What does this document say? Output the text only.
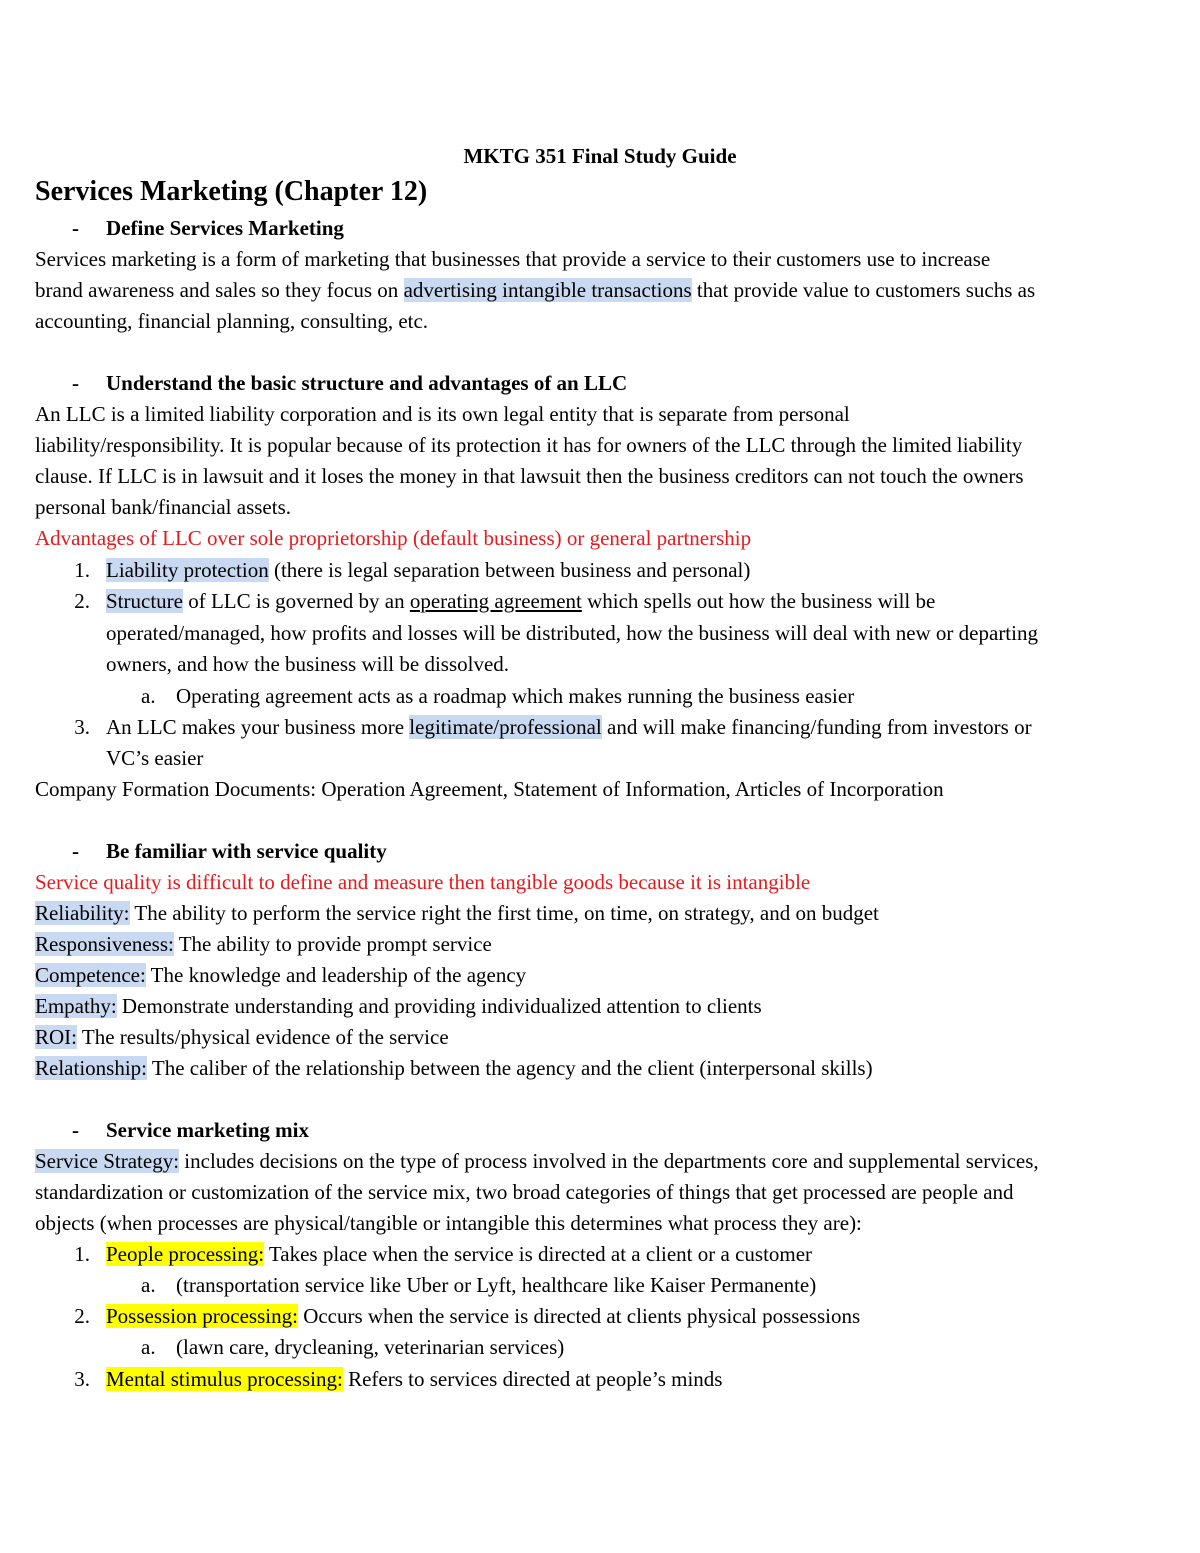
MKTG 351 Final Study Guide
Services Marketing (Chapter 12)
- Define Services Marketing
Services marketing is a form of marketing that businesses that provide a service to their customers use to increase
brand awareness and sales so they focus on advertising intangible transactions that provide value to customers suchs as
accounting, financial planning, consulting, etc.
- Understand the basic structure and advantages of an LLC
An LLC is a limited liability corporation and is its own legal entity that is separate from personal
liability/responsibility. It is popular because of its protection it has for owners of the LLC through the limited liability
clause. If LLC is in lawsuit and it loses the money in that lawsuit then the business creditors can not touch the owners
personal bank/financial assets.
Advantages of LLC over sole proprietorship (default business) or general partnership
1. Liability protection (there is legal separation between business and personal)
2. Structure of LLC is governed by an operating agreement which spells out how the business will be
operated/managed, how profits and losses will be distributed, how the business will deal with new or departing
owners, and how the business will be dissolved.
a. Operating agreement acts as a roadmap which makes running the business easier
3. An LLC makes your business more legitimate/professional and will make financing/funding from investors or
VC’s easier
Company Formation Documents: Operation Agreement, Statement of Information, Articles of Incorporation
- Be familiar with service quality
Service quality is difficult to define and measure then tangible goods because it is intangible
Reliability: The ability to perform the service right the first time, on time, on strategy, and on budget
Responsiveness: The ability to provide prompt service
Competence: The knowledge and leadership of the agency
Empathy: Demonstrate understanding and providing individualized attention to clients
ROI: The results/physical evidence of the service
Relationship: The caliber of the relationship between the agency and the client (interpersonal skills)
- Service marketing mix
Service Strategy: includes decisions on the type of process involved in the departments core and supplemental services,
standardization or customization of the service mix, two broad categories of things that get processed are people and
objects (when processes are physical/tangible or intangible this determines what process they are):
1. People processing: Takes place when the service is directed at a client or a customer
a. (transportation service like Uber or Lyft, healthcare like Kaiser Permanente)
2. Possession processing: Occurs when the service is directed at clients physical possessions
a. (lawn care, drycleaning, veterinarian services)
3. Mental stimulus processing: Refers to services directed at people’s minds
